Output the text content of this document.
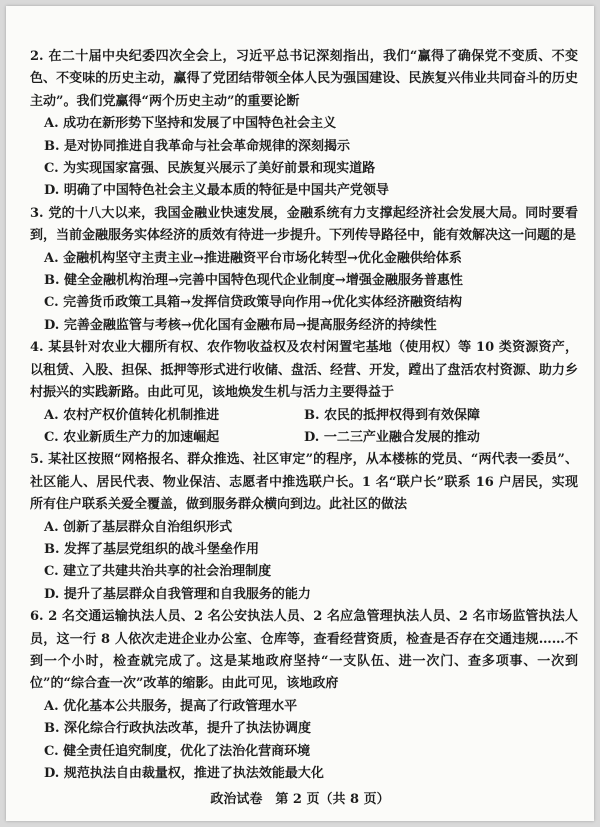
2. 在二十届中央纪委四次全会上，习近平总书记深刻指出，我们“赢得了确保党不变质、不变色、不变味的历史主动，赢得了党团结带领全体人民为强国建设、民族复兴伟业共同奋斗的历史主动”。我们党赢得“两个历史主动”的重要论断

A. 成功在新形势下坚持和发展了中国特色社会主义

B. 是对协同推进自我革命与社会革命规律的深刻揭示

C. 为实现国家富强、民族复兴展示了美好前景和现实道路

D. 明确了中国特色社会主义最本质的特征是中国共产党领导

3. 党的十八大以来，我国金融业快速发展，金融系统有力支撑起经济社会发展大局。同时要看到，当前金融服务实体经济的质效有待进一步提升。下列传导路径中，能有效解决这一问题的是

A. 金融机构坚守主责主业→推进融资平台市场化转型→优化金融供给体系

B. 健全金融机构治理→完善中国特色现代企业制度→增强金融服务普惠性

C. 完善货币政策工具箱→发挥信贷政策导向作用→优化实体经济融资结构

D. 完善金融监管与考核→优化国有金融布局→提高服务经济的持续性

4. 某县针对农业大棚所有权、农作物收益权及农村闲置宅基地（使用权）等 10 类资源资产，以租赁、入股、担保、抵押等形式进行收储、盘活、经营、开发，蹚出了盘活农村资源、助力乡村振兴的实践新路。由此可见，该地焕发生机与活力主要得益于

A. 农村产权价值转化机制推进	B. 农民的抵押权得到有效保障
C. 农业新质生产力的加速崛起	D. 一二三产业融合发展的推动

5. 某社区按照“网格报名、群众推选、社区审定”的程序，从本楼栋的党员、“两代表一委员”、社区能人、居民代表、物业保洁、志愿者中推选联户长。1 名“联户长”联系 16 户居民，实现所有住户联系关爱全覆盖，做到服务群众横向到边。此社区的做法

A. 创新了基层群众自治组织形式

B. 发挥了基层党组织的战斗堡垒作用

C. 建立了共建共治共享的社会治理制度

D. 提升了基层群众自我管理和自我服务的能力

6. 2 名交通运输执法人员、2 名公安执法人员、2 名应急管理执法人员、2 名市场监管执法人员，这一行 8 人依次走进企业办公室、仓库等，查看经营资质，检查是否存在交通违规……不到一个小时，检查就完成了。这是某地政府坚持“一支队伍、进一次门、查多项事、一次到位”的“综合查一次”改革的缩影。由此可见，该地政府

A. 优化基本公共服务，提高了行政管理水平

B. 深化综合行政执法改革，提升了执法协调度

C. 健全责任追究制度，优化了法治化营商环境

D. 规范执法自由裁量权，推进了执法效能最大化

政治试卷　第 2 页（共 8 页）
